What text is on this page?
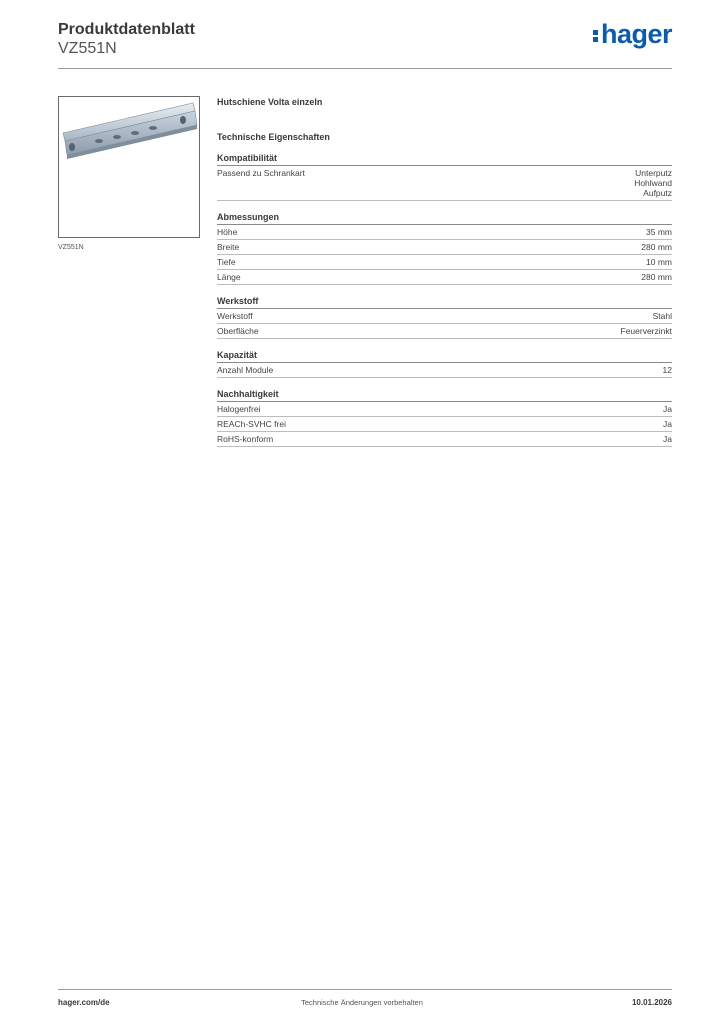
Produktdatenblatt
VZ551N	hager
VZ551N
Hutschiene Volta einzeln
Technische Eigenschaften
Kompatibilität
Passend zu Schrankart	Unterputz
Hohlwand
Aufputz
Abmessungen
Höhe	35 mm
Breite	280 mm
Tiefe	10 mm
Länge	280 mm
Werkstoff
Werkstoff	Stahl
Oberfläche	Feuerverzinkt
Kapazität
Anzahl Module	12
Nachhaltigkeit
Halogenfrei	Ja
REACh-SVHC frei	Ja
RoHS-konform	Ja
hager.com/de	Technische Änderungen vorbehalten	10.01.2026
